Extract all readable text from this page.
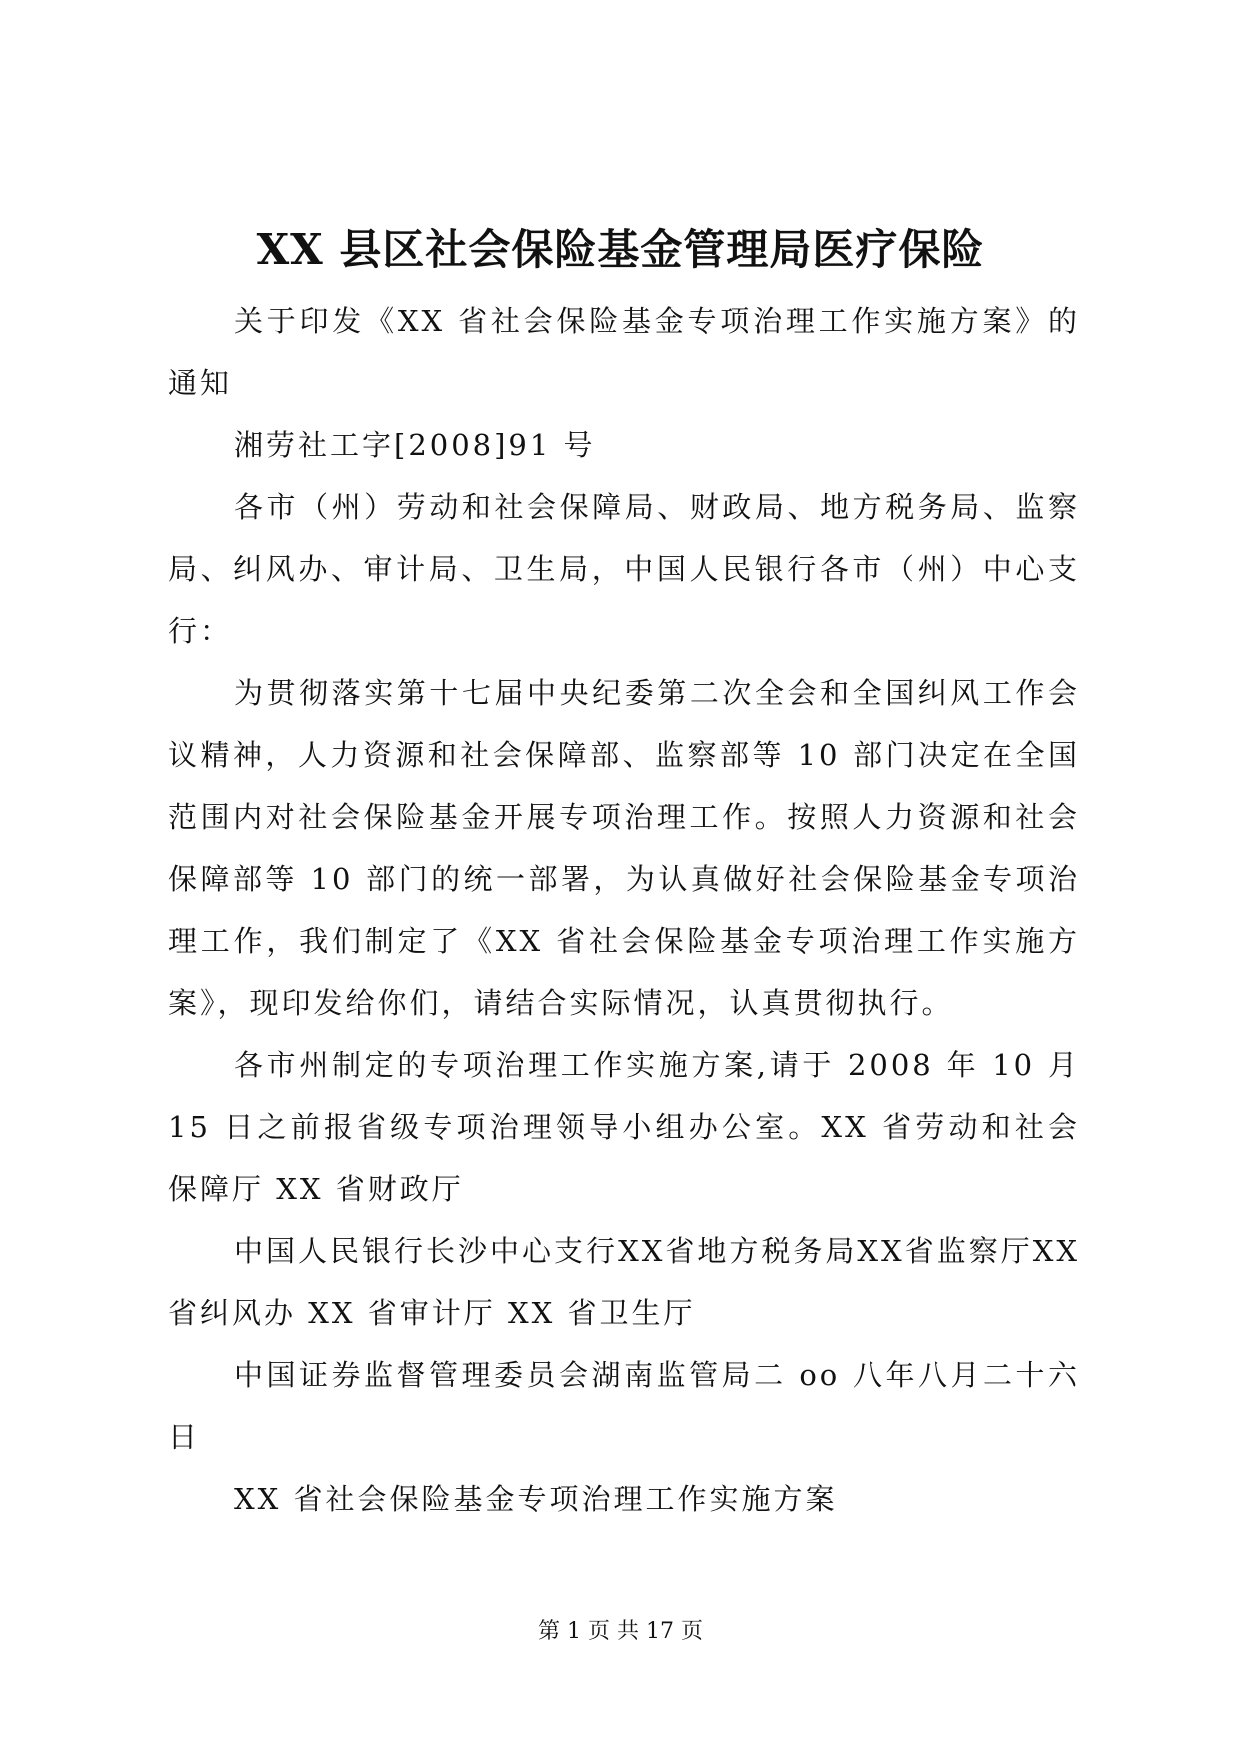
XX 县区社会保险基金管理局医疗保险

关于印发《XX 省社会保险基金专项治理工作实施方案》的通知

湘劳社工字[2008]91 号

各市（州）劳动和社会保障局、财政局、地方税务局、监察局、纠风办、审计局、卫生局，中国人民银行各市（州）中心支行：

为贯彻落实第十七届中央纪委第二次全会和全国纠风工作会议精神，人力资源和社会保障部、监察部等 10 部门决定在全国范围内对社会保险基金开展专项治理工作。按照人力资源和社会保障部等 10 部门的统一部署，为认真做好社会保险基金专项治理工作，我们制定了《XX 省社会保险基金专项治理工作实施方案》，现印发给你们，请结合实际情况，认真贯彻执行。

各市州制定的专项治理工作实施方案,请于 2008 年 10 月 15 日之前报省级专项治理领导小组办公室。XX 省劳动和社会保障厅 XX 省财政厅

中国人民银行长沙中心支行XX省地方税务局XX省监察厅XX省纠风办 XX 省审计厅 XX 省卫生厅

中国证券监督管理委员会湖南监管局二 oo 八年八月二十六日

XX 省社会保险基金专项治理工作实施方案

第 1 页 共 17 页
